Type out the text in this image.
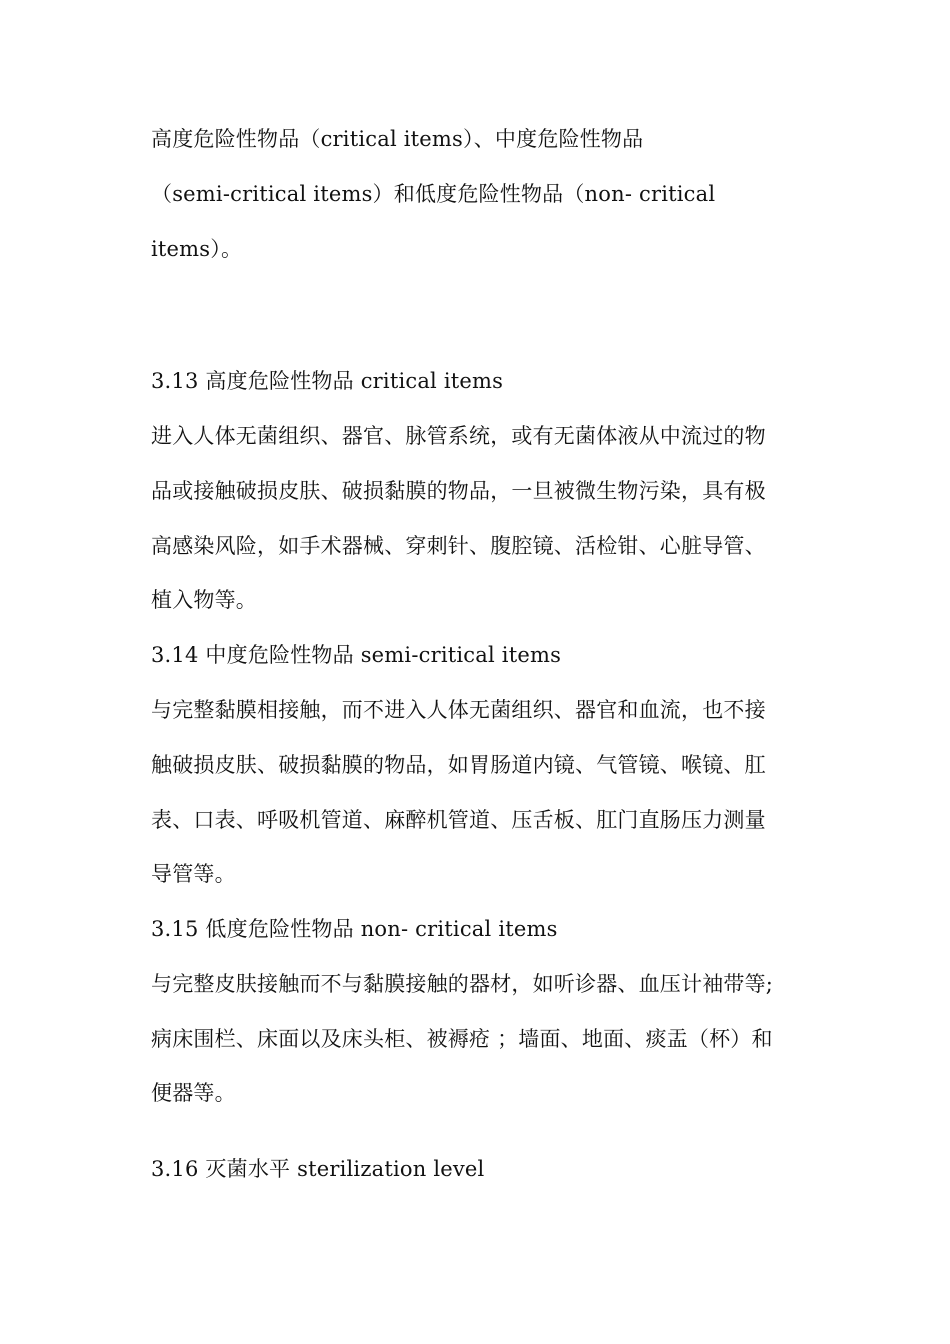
高度危险性物品（critical items）、中度危险性物品
（semi-critical items）和低度危险性物品（non- critical
items）。
3.13 高度危险性物品 critical items
进入人体无菌组织、器官、脉管系统，或有无菌体液从中流过的物
品或接触破损皮肤、破损黏膜的物品，一旦被微生物污染，具有极
高感染风险，如手术器械、穿刺针、腹腔镜、活检钳、心脏导管、
植入物等。
3.14 中度危险性物品 semi-critical items
与完整黏膜相接触，而不进入人体无菌组织、器官和血流，也不接
触破损皮肤、破损黏膜的物品，如胃肠道内镜、气管镜、喉镜、肛
表、口表、呼吸机管道、麻醉机管道、压舌板、肛门直肠压力测量
导管等。
3.15 低度危险性物品 non- critical items
与完整皮肤接触而不与黏膜接触的器材，如听诊器、血压计袖带等;
病床围栏、床面以及床头柜、被褥疮 ；墙面、地面、痰盂（杯）和
便器等。
3.16 灭菌水平 sterilization level
